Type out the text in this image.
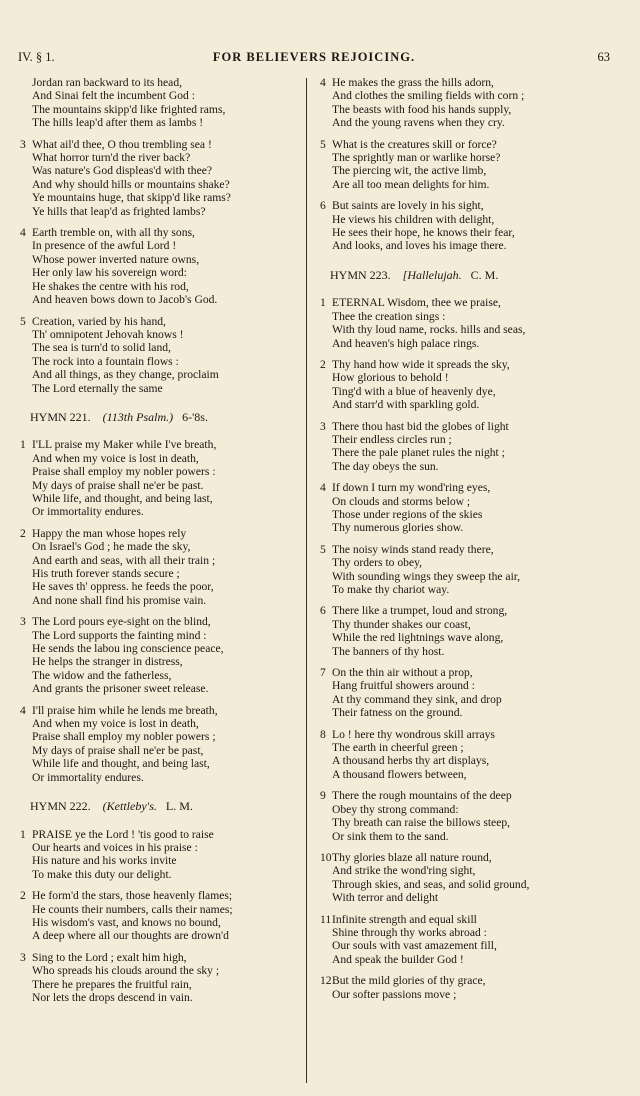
IV. § 1.	FOR BELIEVERS REJOICING.	63
Jordan ran backward to its head,
And Sinai felt the incumbent God :
The mountains skipp'd like frighted rams,
The hills leap'd after them as lambs !
3 What ail'd thee, O thou trembling sea !
What horror turn'd the river back?
Was nature's God displeas'd with thee?
And why should hills or mountains shake?
Ye mountains huge, that skipp'd like rams?
Ye hills that leap'd as frighted lambs?
4 Earth tremble on, with all thy sons,
In presence of the awful Lord !
Whose power inverted nature owns,
Her only law his sovereign word:
He shakes the centre with his rod,
And heaven bows down to Jacob's God.
5 Creation, varied by his hand,
Th' omnipotent Jehovah knows !
The sea is turn'd to solid land,
The rock into a fountain flows :
And all things, as they change, proclaim
The Lord eternally the same
HYMN 221. (113th Psalm.) 6-'8s.
1 I'LL praise my Maker while I've breath,
And when my voice is lost in death,
Praise shall employ my nobler powers :
My days of praise shall ne'er be past.
While life, and thought, and being last,
Or immortality endures.
2 Happy the man whose hopes rely
On Israel's God ; he made the sky,
And earth and seas, with all their train ;
His truth forever stands secure ;
He saves th' oppress. he feeds the poor,
And none shall find his promise vain.
3 The Lord pours eye-sight on the blind,
The Lord supports the fainting mind :
He sends the labou ing conscience peace,
He helps the stranger in distress,
The widow and the fatherless,
And grants the prisoner sweet release.
4 I'll praise him while he lends me breath,
And when my voice is lost in death,
Praise shall employ my nobler powers ;
My days of praise shall ne'er be past,
While life and thought, and being last,
Or immortality endures.
HYMN 222. (Kettleby's. L. M.
1 PRAISE ye the Lord ! 'tis good to raise
Our hearts and voices in his praise :
His nature and his works invite
To make this duty our delight.
2 He form'd the stars, those heavenly flames;
He counts their numbers, calls their names;
His wisdom's vast, and knows no bound,
A deep where all our thoughts are drown'd
3 Sing to the Lord ; exalt him high,
Who spreads his clouds around the sky ;
There he prepares the fruitful rain,
Nor lets the drops descend in vain.
4 He makes the grass the hills adorn,
And clothes the smiling fields with corn ;
The beasts with food his hands supply,
And the young ravens when they cry.
5 What is the creatures skill or force?
The sprightly man or warlike horse?
The piercing wit, the active limb,
Are all too mean delights for him.
6 But saints are lovely in his sight,
He views his children with delight,
He sees their hope, he knows their fear,
And looks, and loves his image there.
HYMN 223. [Hallelujah. C. M.
1 ETERNAL Wisdom, thee we praise,
Thee the creation sings :
With thy loud name, rocks. hills and seas,
And heaven's high palace rings.
2 Thy hand how wide it spreads the sky,
How glorious to behold !
Ting'd with a blue of heavenly dye,
And starr'd with sparkling gold.
3 There thou hast bid the globes of light
Their endless circles run ;
There the pale planet rules the night ;
The day obeys the sun.
4 If down I turn my wond'ring eyes,
On clouds and storms below ;
Those under regions of the skies
Thy numerous glories show.
5 The noisy winds stand ready there,
Thy orders to obey,
With sounding wings they sweep the air,
To make thy chariot way.
6 There like a trumpet, loud and strong,
Thy thunder shakes our coast,
While the red lightnings wave along,
The banners of thy host.
7 On the thin air without a prop,
Hang fruitful showers around :
At thy command they sink, and drop
Their fatness on the ground.
8 Lo ! here thy wondrous skill arrays
The earth in cheerful green ;
A thousand herbs thy art displays,
A thousand flowers between,
9 There the rough mountains of the deep
Obey thy strong command:
Thy breath can raise the billows steep,
Or sink them to the sand.
10 Thy glories blaze all nature round,
And strike the wond'ring sight,
Through skies, and seas, and solid ground,
With terror and delight
11 Infinite strength and equal skill
Shine through thy works abroad :
Our souls with vast amazement fill,
And speak the builder God !
12 But the mild glories of thy grace,
Our softer passions move ;
